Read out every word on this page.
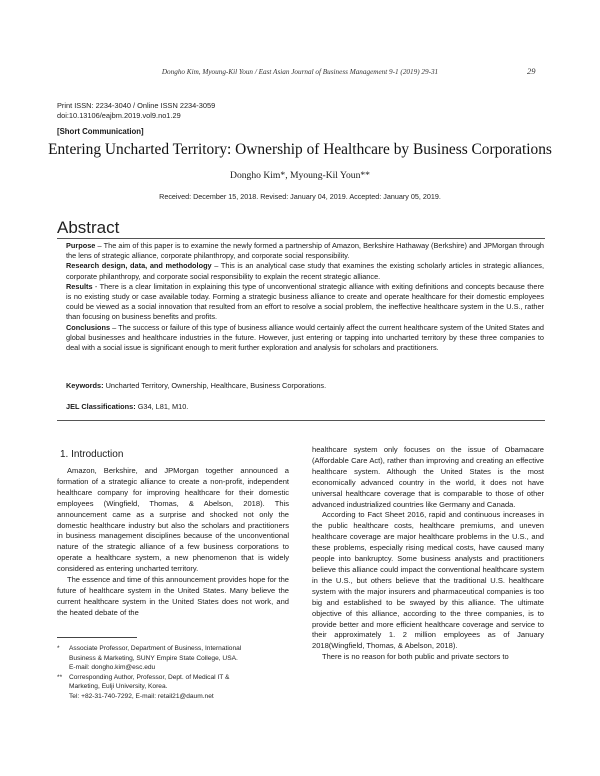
Dongho Kim, Myoung-Kil Youn / East Asian Journal of Business Management 9-1 (2019) 29-31	29
Print ISSN: 2234-3040 / Online ISSN 2234-3059
doi:10.13106/eajbm.2019.vol9.no1.29
[Short Communication]
Entering Uncharted Territory: Ownership of Healthcare by Business Corporations
Dongho Kim*, Myoung-Kil Youn**
Received: December 15, 2018. Revised: January 04, 2019. Accepted: January 05, 2019.
Abstract

Purpose – The aim of this paper is to examine the newly formed a partnership of Amazon, Berkshire Hathaway (Berkshire) and JPMorgan through the lens of strategic alliance, corporate philanthropy, and corporate social responsibility.

Research design, data, and methodology – This is an analytical case study that examines the existing scholarly articles in strategic alliances, corporate philanthropy, and corporate social responsibility to explain the recent strategic alliance.

Results - There is a clear limitation in explaining this type of unconventional strategic alliance with exiting definitions and concepts because there is no existing study or case available today. Forming a strategic business alliance to create and operate healthcare for their domestic employees could be viewed as a social innovation that resulted from an effort to resolve a social problem, the ineffective healthcare system in the U.S., rather than focusing on business benefits and profits.

Conclusions – The success or failure of this type of business alliance would certainly affect the current healthcare system of the United States and global businesses and healthcare industries in the future. However, just entering or tapping into uncharted territory by these three companies to deal with a social issue is significant enough to merit further exploration and analysis for scholars and practitioners.

Keywords: Uncharted Territory, Ownership, Healthcare, Business Corporations.
JEL Classifications: G34, L81, M10.
1. Introduction

Amazon, Berkshire, and JPMorgan together announced a formation of a strategic alliance to create a non-profit, independent healthcare company for improving healthcare for their domestic employees (Wingfield, Thomas, & Abelson, 2018). This announcement came as a surprise and shocked not only the domestic healthcare industry but also the scholars and practitioners in business management disciplines because of the unconventional nature of the strategic alliance of a few business corporations to operate a healthcare system, a new phenomenon that is widely considered as entering uncharted territory.

The essence and time of this announcement provides hope for the future of healthcare system in the United States. Many believe the current healthcare system in the United States does not work, and the heated debate of the

healthcare system only focuses on the issue of Obamacare (Affordable Care Act), rather than improving and creating an effective healthcare system. Although the United States is the most economically advanced country in the world, it does not have universal healthcare coverage that is comparable to those of other advanced industrialized countries like Germany and Canada.

According to Fact Sheet 2016, rapid and continuous increases in the public healthcare costs, healthcare premiums, and uneven healthcare coverage are major healthcare problems in the U.S., and these problems, especially rising medical costs, have caused many people into bankruptcy. Some business analysts and practitioners believe this alliance could impact the conventional healthcare system in the U.S., but others believe that the traditional U.S. healthcare system with the major insurers and pharmaceutical companies is too big and established to be swayed by this alliance. The ultimate objective of this alliance, according to the three companies, is to provide better and more efficient healthcare coverage and service to their approximately 1. 2 million employees as of January 2018(Wingfield, Thomas, & Abelson, 2018).

There is no reason for both public and private sectors to

* Associate Professor, Department of Business, International
Business & Marketing, SUNY Empire State College, USA.
E-mail: dongho.kim@esc.edu
** Corresponding Author, Professor, Dept. of Medical IT &
Marketing, Eulji University, Korea.
Tel: +82-31-740-7292, E-mail: retail21@daum.net
